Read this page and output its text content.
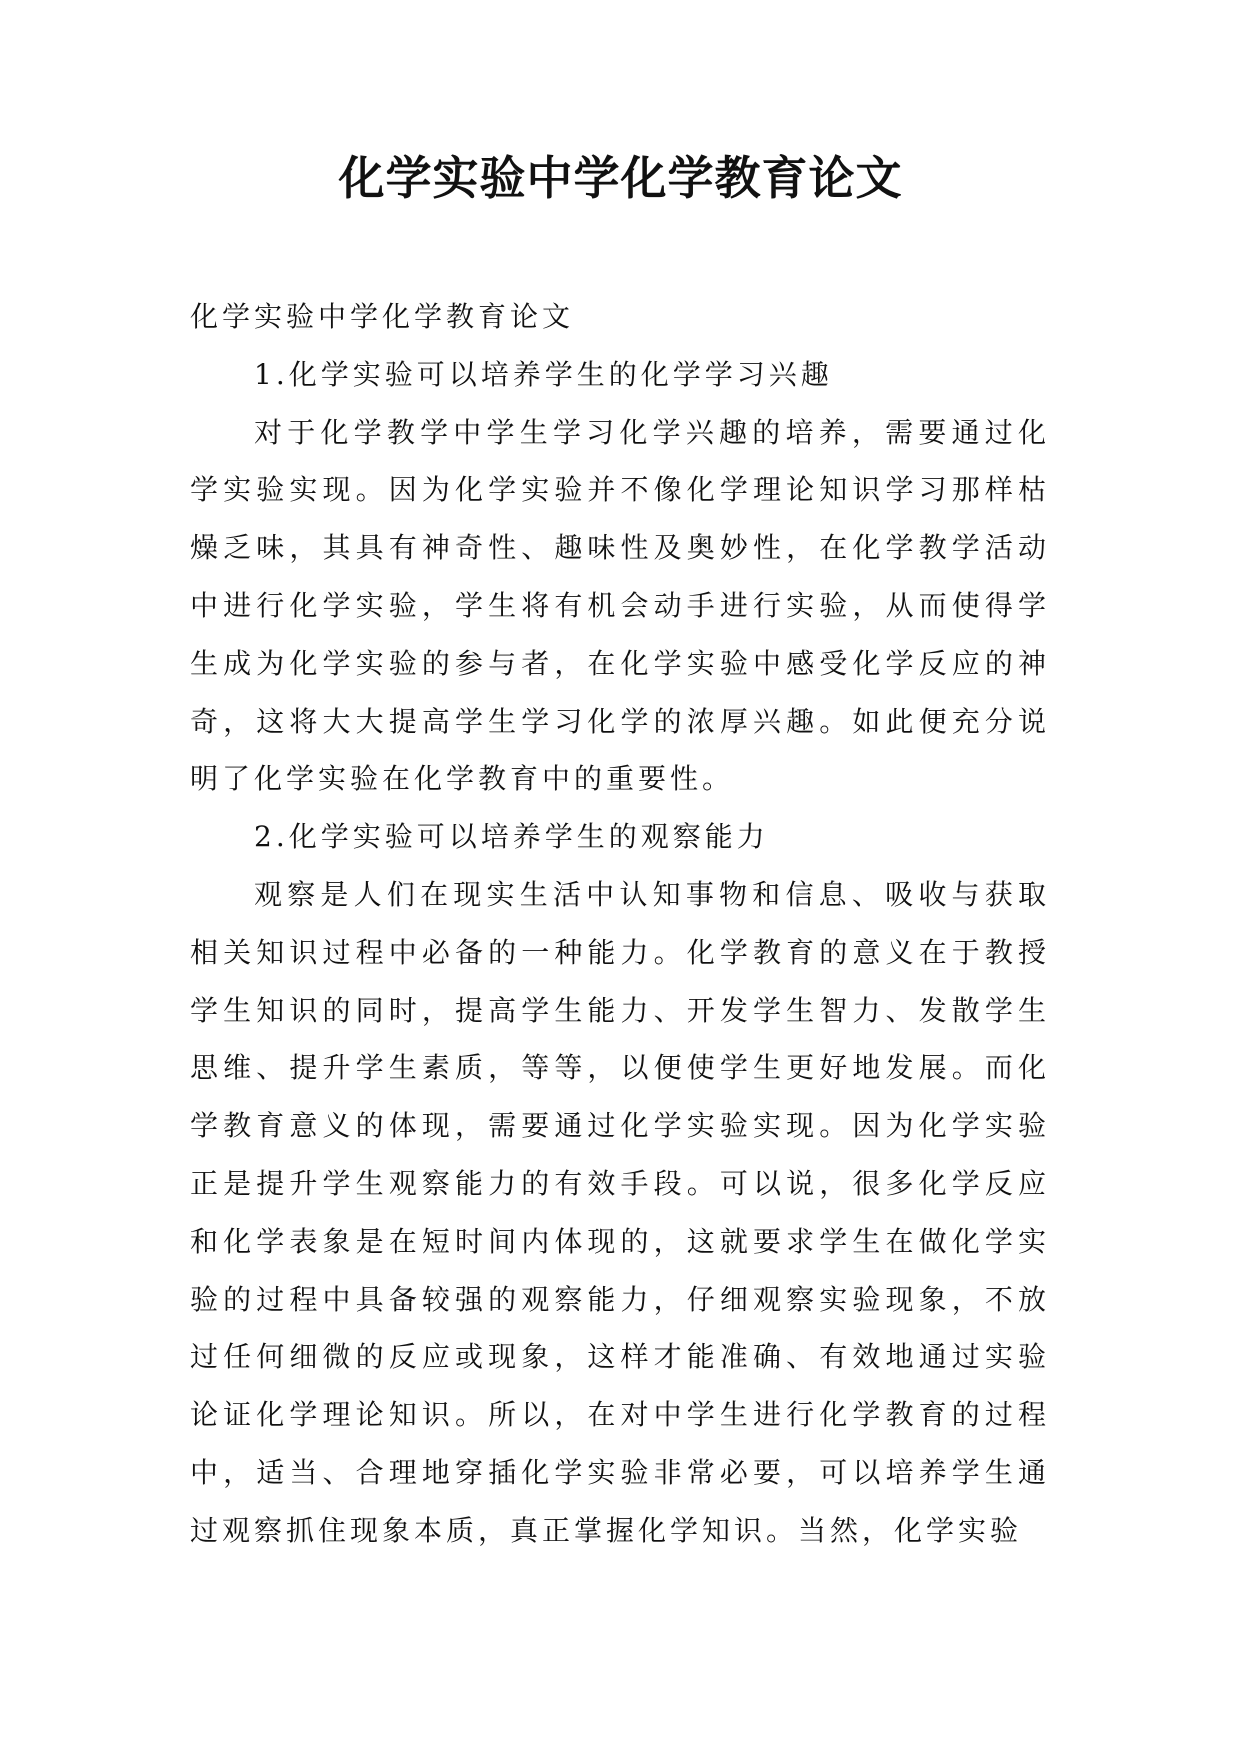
化学实验中学化学教育论文

化学实验中学化学教育论文

1.化学实验可以培养学生的化学学习兴趣

对于化学教学中学生学习化学兴趣的培养，需要通过化学实验实现。因为化学实验并不像化学理论知识学习那样枯燥乏味，其具有神奇性、趣味性及奥妙性，在化学教学活动中进行化学实验，学生将有机会动手进行实验，从而使得学生成为化学实验的参与者，在化学实验中感受化学反应的神奇，这将大大提高学生学习化学的浓厚兴趣。如此便充分说明了化学实验在化学教育中的重要性。

2.化学实验可以培养学生的观察能力

观察是人们在现实生活中认知事物和信息、吸收与获取相关知识过程中必备的一种能力。化学教育的意义在于教授学生知识的同时，提高学生能力、开发学生智力、发散学生思维、提升学生素质，等等，以便使学生更好地发展。而化学教育意义的体现，需要通过化学实验实现。因为化学实验正是提升学生观察能力的有效手段。可以说，很多化学反应和化学表象是在短时间内体现的，这就要求学生在做化学实验的过程中具备较强的观察能力，仔细观察实验现象，不放过任何细微的反应或现象，这样才能准确、有效地通过实验论证化学理论知识。所以，在对中学生进行化学教育的过程中，适当、合理地穿插化学实验非常必要，可以培养学生通过观察抓住现象本质，真正掌握化学知识。当然，化学实验
